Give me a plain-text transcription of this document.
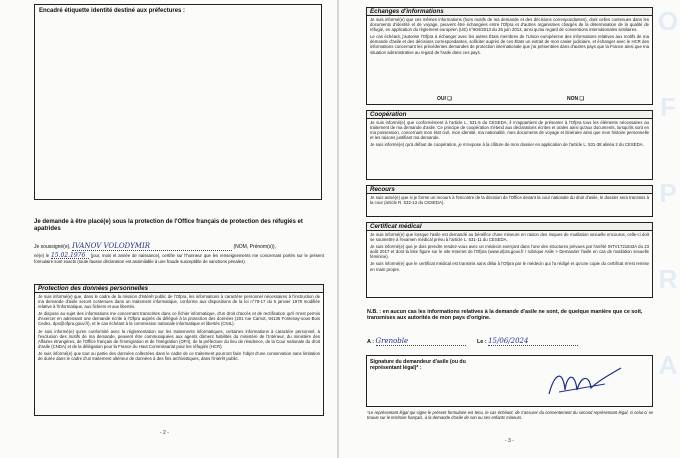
Encadré étiquette identité destiné aux préfectures :
Je demande à être placé(e) sous la protection de l'Office français de protection des réfugiés et apatrides
Je soussigné(e), IVANOV VOLODYMIR	(NOM, Prénom(s)),
né(e) le 15.02.1976 (jour, mois et année de naissance), certifie sur l'honneur que les renseignements me concernant portés sur le présent formulaire sont exacts (toute fausse déclaration est assimilable à une fraude susceptible de sanctions pénales).
Protection des données personnelles
Je suis informé(e) que, dans le cadre de la mission d'intérêt public de l'Ofpra, les informations à caractère personnel nécessaires à l'instruction de ma demande d'asile seront contenues dans un traitement informatique, conforme aux dispositions de la loi n°78-17 du 6 janvier 1978 modifiée relative à l'informatique, aux fichiers et aux libertés.
Je dispose au sujet des informations me concernant transcrites dans ce fichier informatique, d'un droit d'accès et de rectification qu'il m'est permis d'exercer en adressant une demande écrite à l'Ofpra auprès du délégué à la protection des données (201 rue Carnot, 94136 Fontenay-sous-Bois Cedex, dpo@ofpra.gouv.fr), et le cas échéant à la commission nationale informatique et libertés (CNIL).
Je suis informé(e) qu'en conformité avec la réglementation sur les traitements informatiques, certaines informations à caractère personnel, à l'exclusion des motifs de ma demande, peuvent être communiquées aux agents dûment habilités du ministère de l'Intérieur, du ministère des Affaires étrangères, de l'Office français de l'immigration et de l'intégration (OFII), de la préfecture du lieu de résidence, de la Cour nationale du droit d'asile (CNDA) et de la délégation pour la France du Haut Commissariat pour les réfugiés (HCR).
Je suis informé(e) que tout ou partie des données collectées dans le cadre de ce traitement pourront faire l'objet d'une conservation sans limitation de durée dans le cadre d'un traitement ultérieur de données à des fins archivistiques, dans l'intérêt public.
- 2 -
O
F
P
R
A
Échanges d'informations
Je suis informé(e) que ces mêmes informations (hors motifs de ma demande et des décisions correspondantes), dont celles contenues dans les documents d'identité et de voyage, peuvent être échangées entre l'Ofpra et d'autres organismes chargés de la détermination de la qualité de réfugié, en application du règlement européen (UE) n°604/2013 du 26 juin 2013, ainsi qu'au regard de conventions internationales similaires.
Le cas échéant, j'autorise l'Ofpra à échanger avec les autres États membres de l'Union européenne des informations relatives aux motifs de ma demande d'asile et des décisions correspondantes, solliciter auprès de ces États un extrait de mon casier judiciaire, et échanger avec le HCR des informations concernant les précédentes demandes de protection internationale que j'ai présentées dans d'autres pays que la France ainsi que ma situation administrative au regard de l'asile dans ces pays.
OUI ❑	NON ❑
Coopération
Je suis informé(e) que conformément à l'article L. 531-5 du CESEDA, il m'appartient de présenter à l'Ofpra tous les éléments nécessaires au traitement de ma demande d'asile. Ce principe de coopération s'étend aux déclarations écrites et orales ainsi qu'aux documents, lorsqu'ils sont en ma possession, concernant mon état civil, mon identité, ma nationalité, mes documents de voyage et itinéraire ainsi que mon histoire personnelle et les raisons justifiant ma demande.
Je suis informé(e) qu'à défaut de coopération, je m'expose à la clôture de mon dossier en application de l'article L. 531-38 alinéa 2 du CESEDA.
Recours
Je suis avisé(e) que si je forme un recours à l'encontre de la décision de l'Office devant la cour nationale du droit d'asile, le dossier sera transmis à la cour (article R. 532-13 du CESEDA).
Certificat médical
Je suis informé(e) que lorsque l'asile est demandé au bénéfice d'une mineure en raison des risques de mutilation sexuelle encourus, celle-ci doit se soumettre à l'examen médical prévu à l'article L. 531-11 du CESEDA.
Je suis informé(e) que je dois prendre rendez-vous avec un médecin exerçant dans l'une des structures prévues par l'arrêté INTV1721843A du 23 août 2017 et dont la liste figure sur le site Internet de l'Ofpra (www.ofpra.gouv.fr / rubrique Asile > Demander l'asile en cas de mutilation sexuelle féminine).
Je suis informé(e) que le certificat médical est transmis sans délai à l'Ofpra par le médecin qui l'a rédigé et qu'une copie du certificat m'est remise en main propre.
N.B. : en aucun cas les informations relatives à la demande d'asile ne sont, de quelque manière que ce soit, transmises aux autorités de mon pays d'origine.
A : Grenoble	Le : 15/06/2024
Signature du demandeur d'asile (ou du représentant légal)* :
*Le représentant légal qui signe le présent formulaire est tenu, le cas échéant, de s'assurer du consentement du second représentant légal, si celui-ci se trouve sur le territoire français, à la demande d'asile de son ou ses enfants mineurs.
- 3 -
